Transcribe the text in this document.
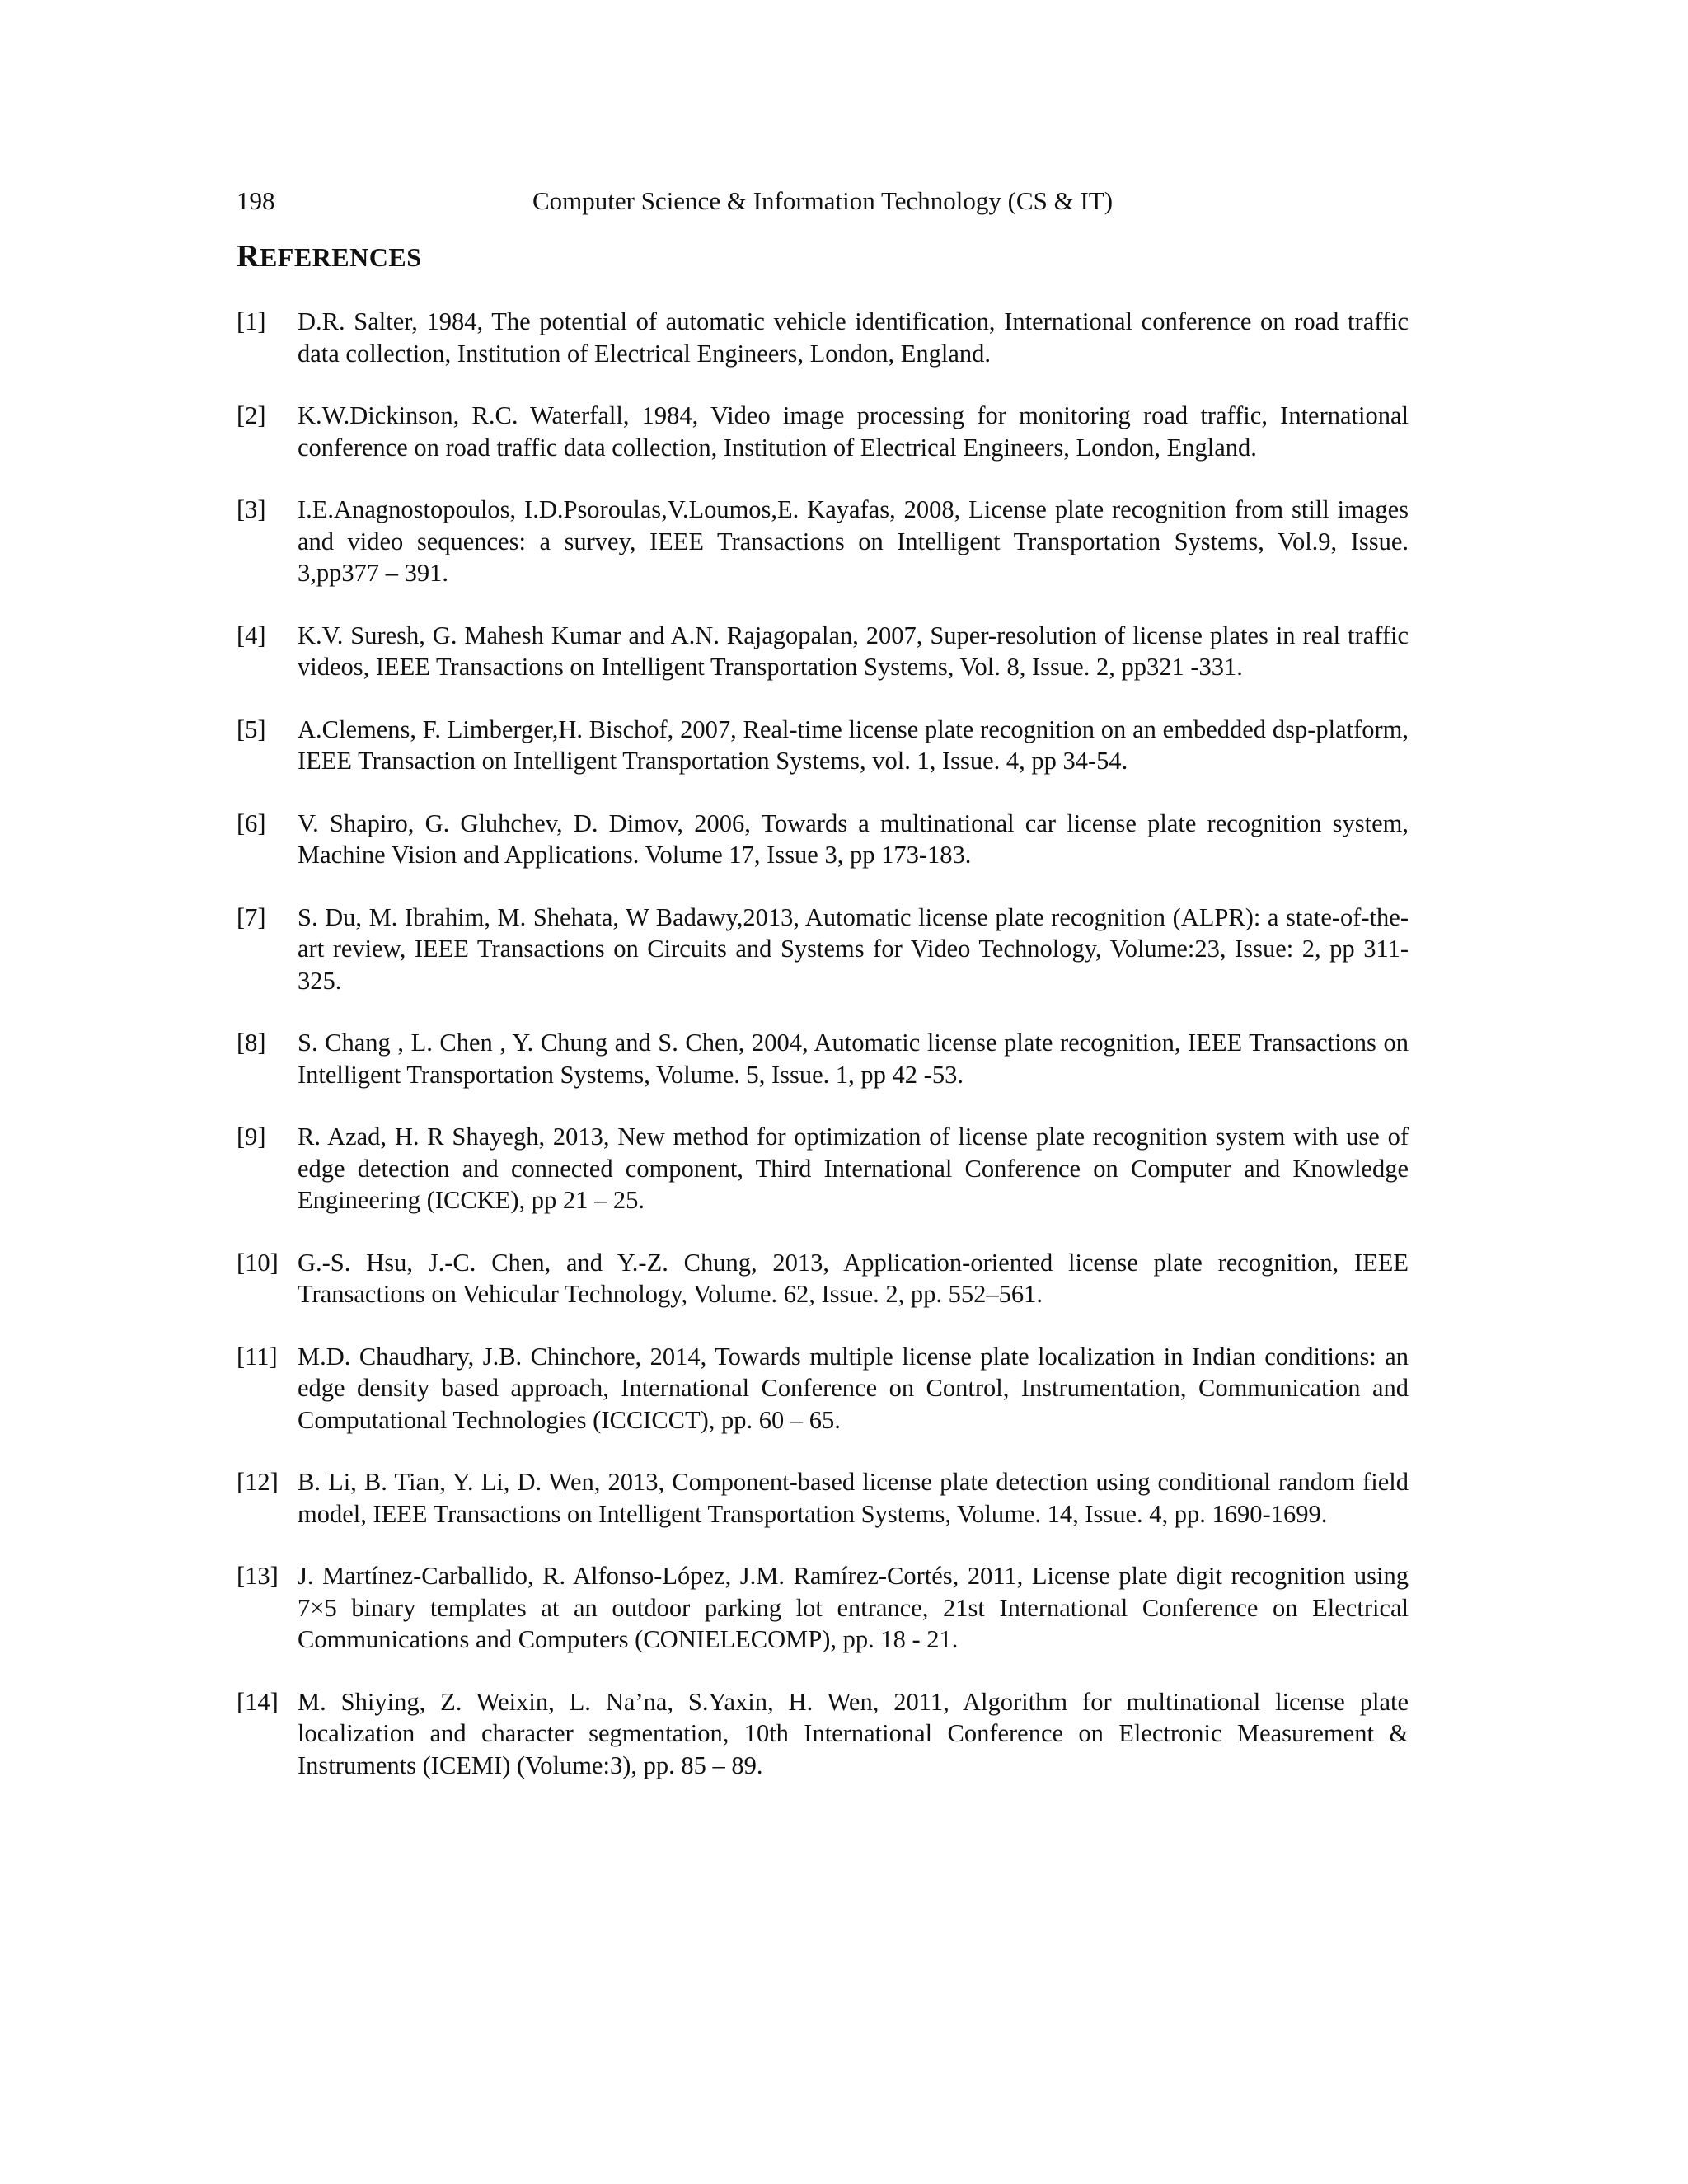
198	Computer Science & Information Technology (CS & IT)
REFERENCES
[1]	D.R. Salter, 1984, The potential of automatic vehicle identification, International conference on road traffic data collection, Institution of Electrical Engineers, London, England.
[2]	K.W.Dickinson, R.C. Waterfall, 1984, Video image processing for monitoring road traffic, International conference on road traffic data collection, Institution of Electrical Engineers, London, England.
[3]	I.E.Anagnostopoulos, I.D.Psoroulas,V.Loumos,E. Kayafas, 2008, License plate recognition from still images and video sequences: a survey, IEEE Transactions on Intelligent Transportation Systems, Vol.9, Issue. 3,pp377 – 391.
[4]	K.V. Suresh, G. Mahesh Kumar and A.N. Rajagopalan, 2007, Super-resolution of license plates in real traffic videos, IEEE Transactions on Intelligent Transportation Systems, Vol. 8, Issue. 2, pp321 -331.
[5]	A.Clemens, F. Limberger,H. Bischof, 2007, Real-time license plate recognition on an embedded dsp-platform, IEEE Transaction on Intelligent Transportation Systems, vol. 1, Issue. 4, pp 34-54.
[6]	V. Shapiro, G. Gluhchev, D. Dimov, 2006, Towards a multinational car license plate recognition system, Machine Vision and Applications. Volume 17, Issue 3, pp 173-183.
[7]	S. Du, M. Ibrahim, M. Shehata, W Badawy,2013, Automatic license plate recognition (ALPR): a state-of-the-art review, IEEE Transactions on Circuits and Systems for Video Technology, Volume:23, Issue: 2, pp 311-325.
[8]	S. Chang , L. Chen , Y. Chung and S. Chen, 2004, Automatic license plate recognition, IEEE Transactions on Intelligent Transportation Systems, Volume. 5, Issue. 1, pp 42 -53.
[9]	R. Azad, H. R Shayegh, 2013, New method for optimization of license plate recognition system with use of edge detection and connected component, Third International Conference on Computer and Knowledge Engineering (ICCKE), pp 21 – 25.
[10] G.-S. Hsu, J.-C. Chen, and Y.-Z. Chung, 2013, Application-oriented license plate recognition, IEEE Transactions on Vehicular Technology, Volume. 62, Issue. 2, pp. 552–561.
[11] M.D. Chaudhary, J.B. Chinchore, 2014, Towards multiple license plate localization in Indian conditions: an edge density based approach, International Conference on Control, Instrumentation, Communication and Computational Technologies (ICCICCT), pp. 60 – 65.
[12] B. Li, B. Tian, Y. Li, D. Wen, 2013, Component-based license plate detection using conditional random field model, IEEE Transactions on Intelligent Transportation Systems, Volume. 14, Issue. 4, pp. 1690-1699.
[13] J. Martínez-Carballido, R. Alfonso-López, J.M. Ramírez-Cortés, 2011, License plate digit recognition using 7×5 binary templates at an outdoor parking lot entrance, 21st International Conference on Electrical Communications and Computers (CONIELECOMP), pp. 18 - 21.
[14] M. Shiying, Z. Weixin, L. Na’na, S.Yaxin, H. Wen, 2011, Algorithm for multinational license plate localization and character segmentation, 10th International Conference on Electronic Measurement & Instruments (ICEMI) (Volume:3), pp. 85 – 89.
